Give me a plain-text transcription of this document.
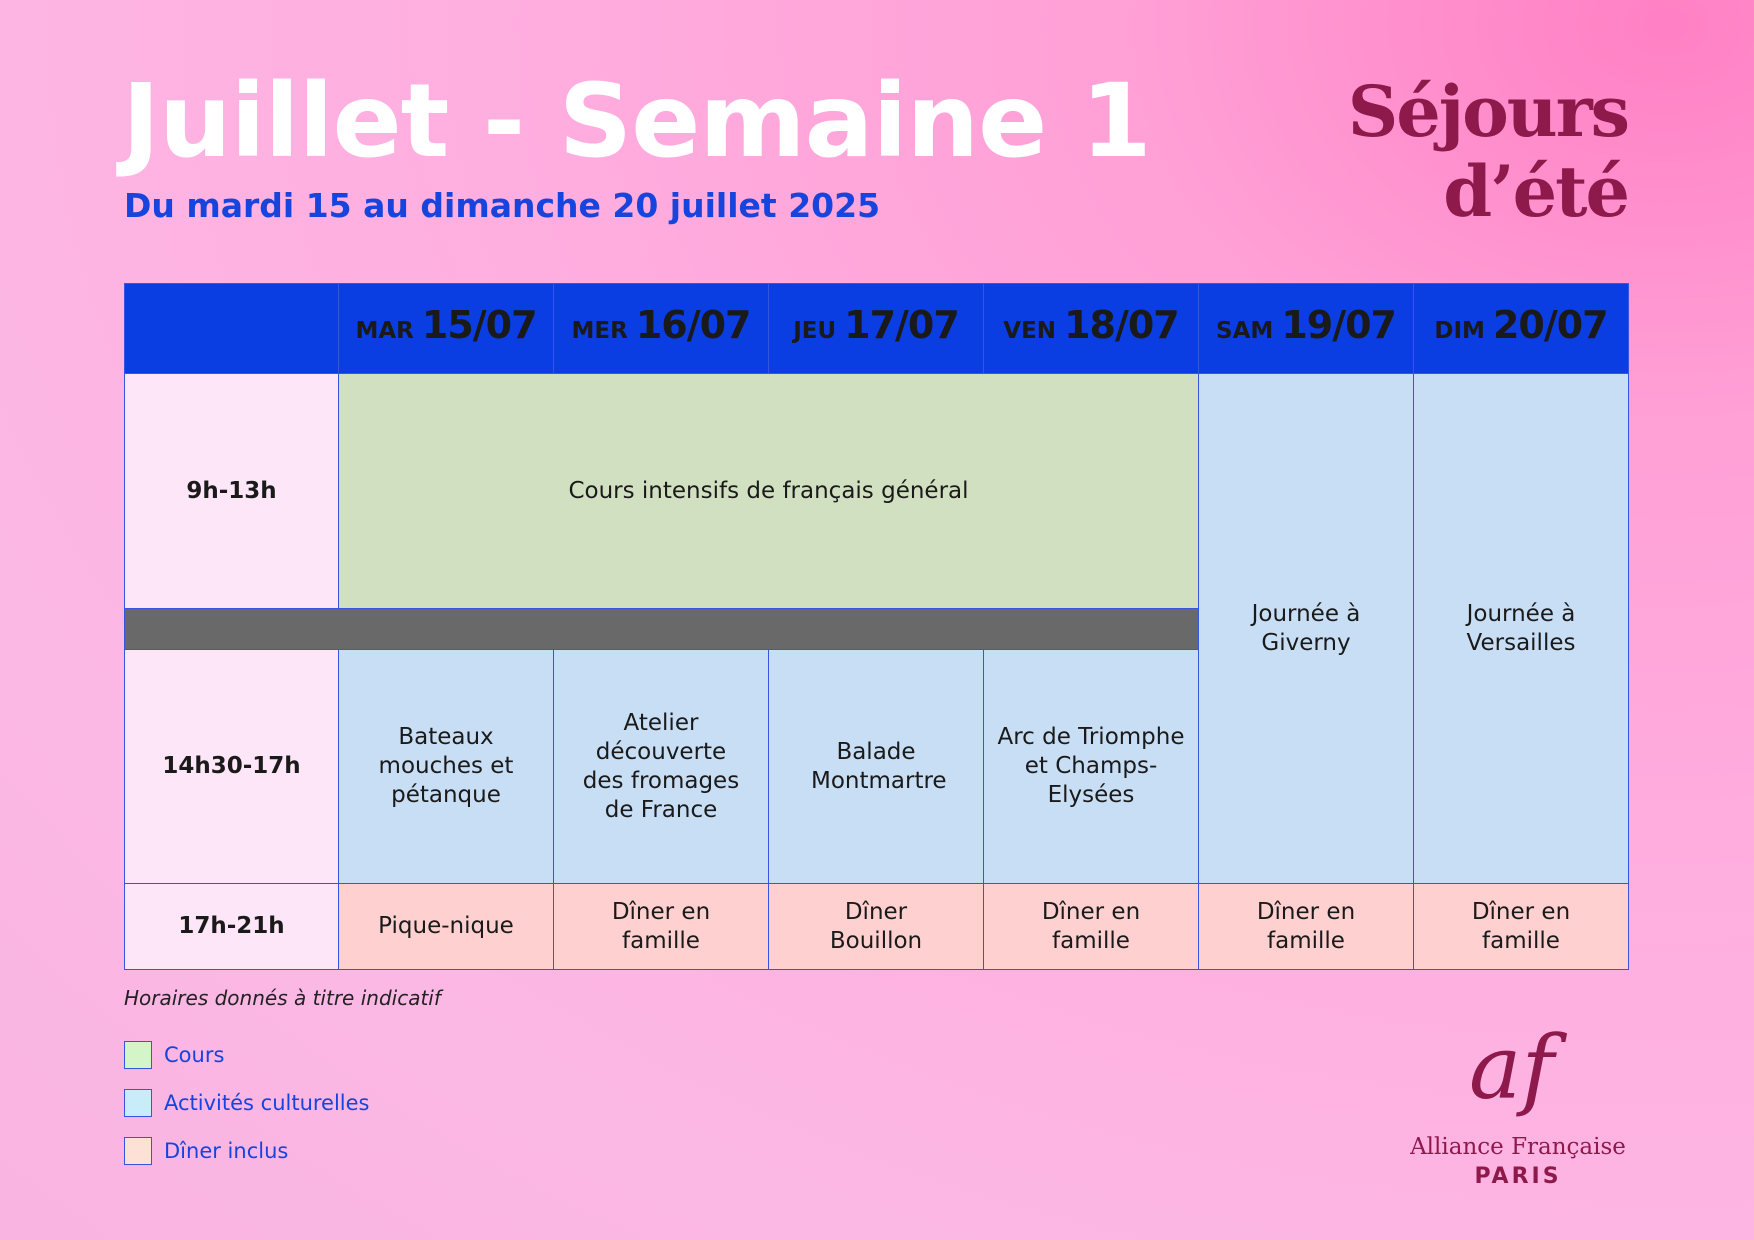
Juillet - Semaine 1
Du mardi 15 au dimanche 20 juillet 2025
Séjours
d’été
	MAR 15/07	MER 16/07	JEU 17/07	VEN 18/07	SAM 19/07	DIM 20/07
9h-13h	Cours intensifs de français général				Journée à Giverny	Journée à Versailles

14h30-17h	Bateaux mouches et pétanque	Atelier découverte des fromages de France	Balade Montmartre	Arc de Triomphe et Champs-Elysées		

17h-21h	Pique-nique	Dîner en famille	Dîner Bouillon	Dîner en famille	Dîner en famille	Dîner en famille
Horaires donnés à titre indicatif
Cours
Activités culturelles
Dîner inclus
af
Alliance Française
PARIS
